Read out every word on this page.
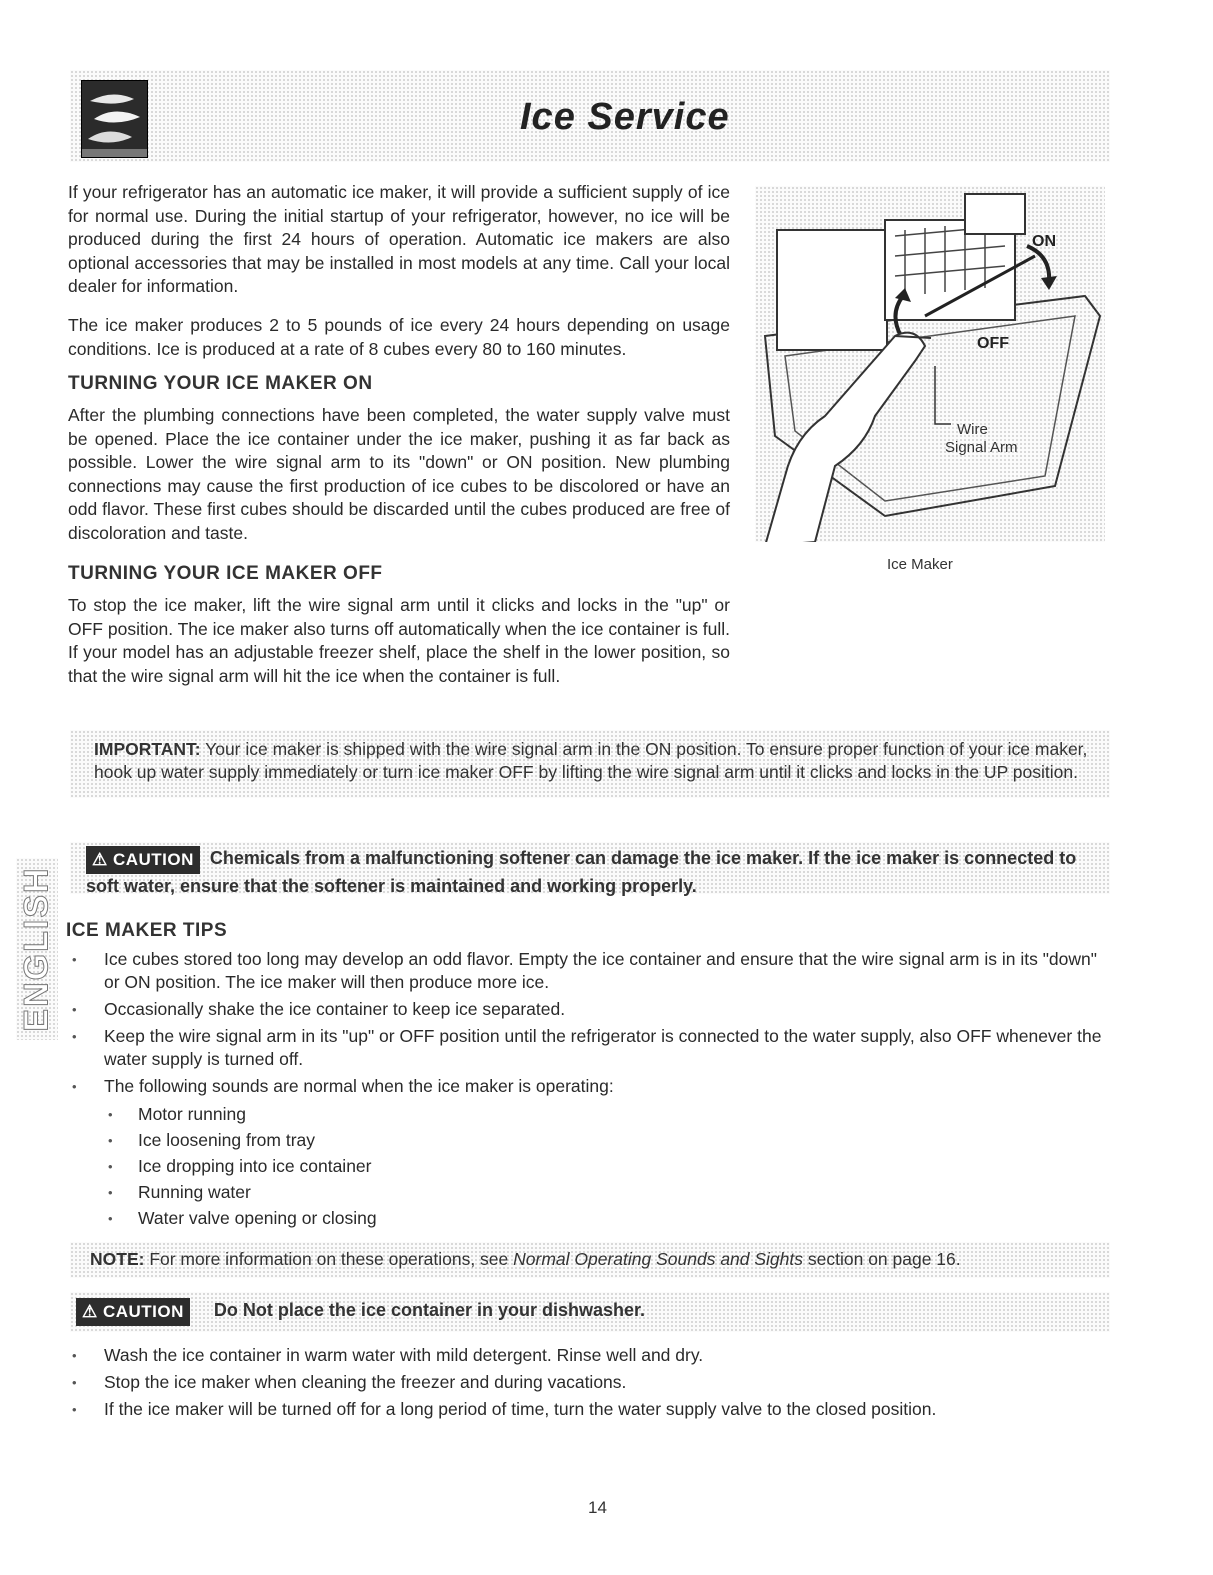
Ice Service

If your refrigerator has an automatic ice maker, it will provide a sufficient supply of ice for normal use. During the initial startup of your refrigerator, however, no ice will be produced during the first 24 hours of operation. Automatic ice makers are also optional accessories that may be installed in most models at any time. Call your local dealer for information.

The ice maker produces 2 to 5 pounds of ice every 24 hours depending on usage conditions. Ice is produced at a rate of 8 cubes every 80 to 160 minutes.

TURNING YOUR ICE MAKER ON

After the plumbing connections have been completed, the water supply valve must be opened. Place the ice container under the ice maker, pushing it as far back as possible. Lower the wire signal arm to its "down" or ON position. New plumbing connections may cause the first production of ice cubes to be discolored or have an odd flavor. These first cubes should be discarded until the cubes produced are free of discoloration and taste.

TURNING YOUR ICE MAKER OFF

To stop the ice maker, lift the wire signal arm until it clicks and locks in the "up" or OFF position. The ice maker also turns off automatically when the ice container is full. If your model has an adjustable freezer shelf, place the shelf in the lower position, so that the wire signal arm will hit the ice when the container is full.

ON
OFF
Wire
Signal Arm
Ice Maker
IMPORTANT: Your ice maker is shipped with the wire signal arm in the ON position. To ensure proper function of your ice maker, hook up water supply immediately or turn ice maker OFF by lifting the wire signal arm until it clicks and locks in the UP position.
⚠ CAUTION Chemicals from a malfunctioning softener can damage the ice maker. If the ice maker is connected to soft water, ensure that the softener is maintained and working properly.
ENGLISH ICE MAKER TIPS
• Ice cubes stored too long may develop an odd flavor. Empty the ice container and ensure that the wire signal arm is in its "down" or ON position. The ice maker will then produce more ice.
• Occasionally shake the ice container to keep ice separated.
• Keep the wire signal arm in its "up" or OFF position until the refrigerator is connected to the water supply, also OFF whenever the water supply is turned off.
• The following sounds are normal when the ice maker is operating:
• Motor running
• Ice loosening from tray
• Ice dropping into ice container
• Running water
• Water valve opening or closing
NOTE: For more information on these operations, see Normal Operating Sounds and Sights section on page 16.
⚠ CAUTION Do Not place the ice container in your dishwasher.
• Wash the ice container in warm water with mild detergent. Rinse well and dry.
• Stop the ice maker when cleaning the freezer and during vacations.
• If the ice maker will be turned off for a long period of time, turn the water supply valve to the closed position.
14
